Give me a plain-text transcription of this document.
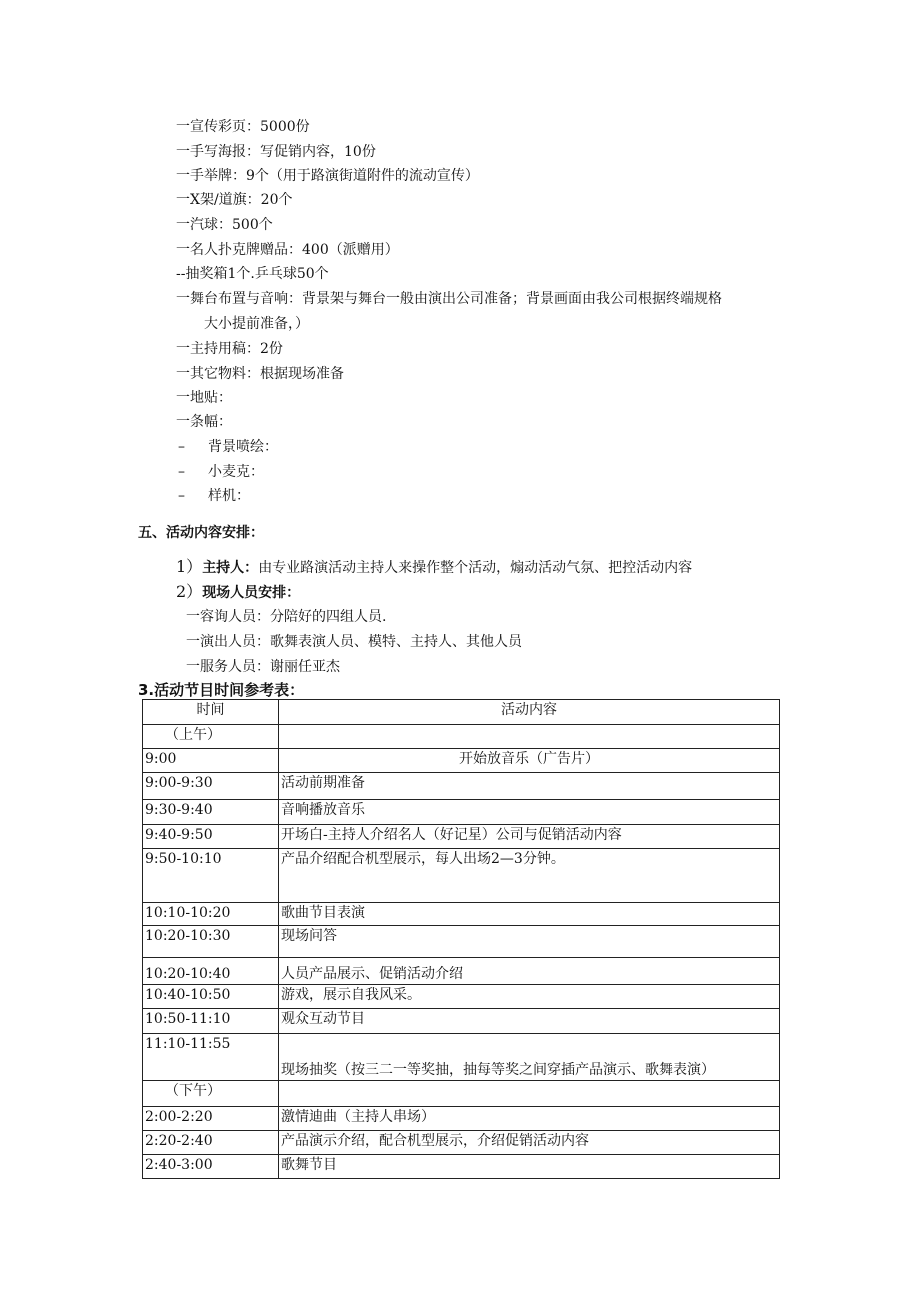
一宣传彩页：5000份
一手写海报：写促销内容，10份
一手举牌：9个（用于路演街道附件的流动宣传）
一X架/道旗：20个
一汽球：500个
一名人扑克牌赠品：400（派赠用）
--抽奖箱1个.乒乓球50个
一舞台布置与音响：背景架与舞台一般由演出公司准备；背景画面由我公司根据终端规格
大小提前准备，）
一主持用稿：2份
一其它物料：根据现场准备
一地贴：
一条幅：
– 背景喷绘：
– 小麦克：
– 样机：
五、活动内容安排：
1）主持人：由专业路演活动主持人来操作整个活动，煽动活动气氛、把控活动内容
2）现场人员安排：
一容询人员：分陪好的四组人员.
一演出人员：歌舞表演人员、模特、主持人、其他人员
一服务人员：谢丽任亚杰
3.活动节目时间参考表：
时间	活动内容
（上午）	
9:00	开始放音乐（广告片）
9:00-9:30	活动前期准备
9:30-9:40	音响播放音乐
9:40-9:50	开场白-主持人介绍名人（好记星）公司与促销活动内容
9:50-10:10	产品介绍配合机型展示，每人出场2—3分钟。
10:10-10:20	歌曲节目表演
10:20-10:30	现场问答
10:20-10:40	人员产品展示、促销活动介绍
10:40-10:50	游戏，展示自我风采。
10:50-11:10	观众互动节目
11:10-11:55	现场抽奖（按三二一等奖抽，抽每等奖之间穿插产品演示、歌舞表演）
（下午）	
2:00-2:20	激情迪曲（主持人串场）
2:20-2:40	产品演示介绍，配合机型展示，介绍促销活动内容
2:40-3:00	歌舞节目
